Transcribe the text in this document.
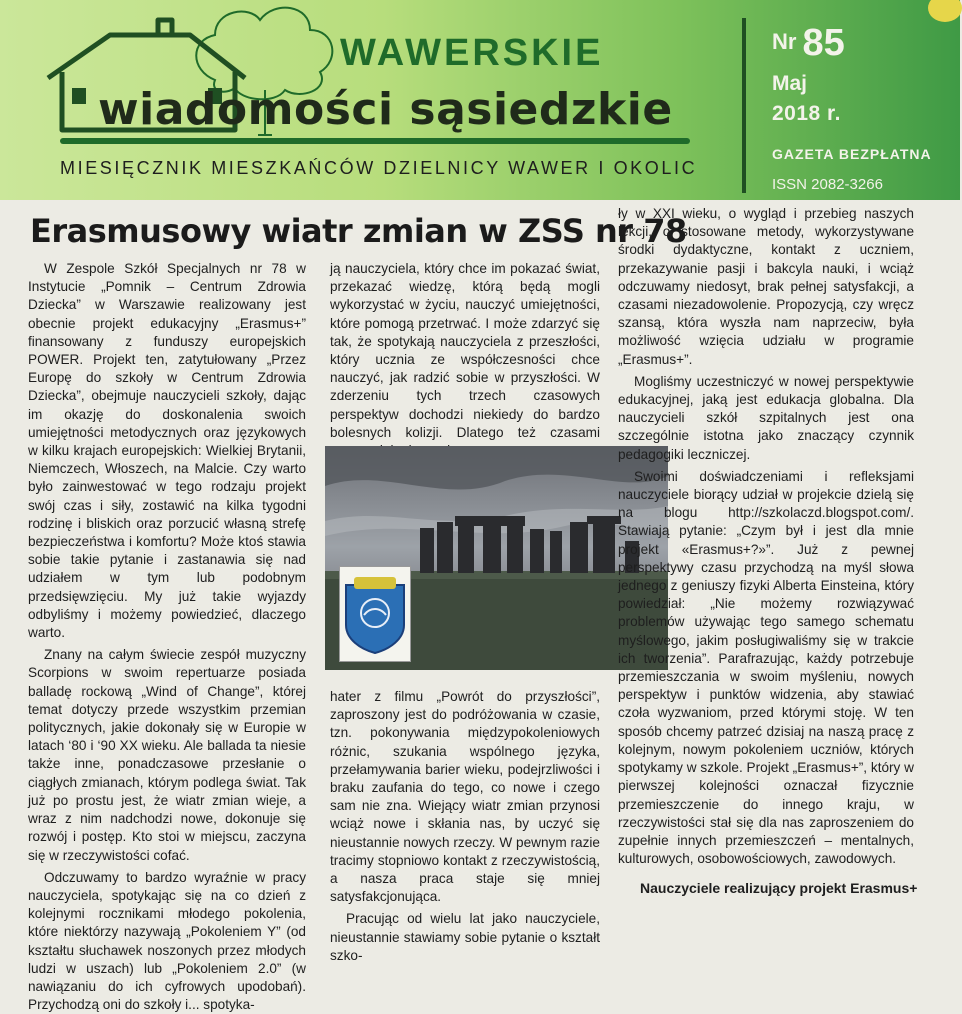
WAWERSKIE
wiadomości sąsiedzkie
MIESIĘCZNIK MIESZKAŃCÓW DZIELNICY WAWER I OKOLIC
Nr 85
Maj
2018 r.
GAZETA BEZPŁATNA
ISSN 2082-3266
Erasmusowy wiatr zmian w ZSS nr 78

W Zespole Szkół Specjalnych nr 78 w Instytucie „Pomnik – Centrum Zdrowia Dziecka” w Warszawie realizowany jest obecnie projekt edukacyjny „Erasmus+” finansowany z funduszy europejskich POWER. Projekt ten, zatytułowany „Przez Europę do szkoły w Centrum Zdrowia Dziecka”, obejmuje nauczycieli szkoły, dając im okazję do doskonalenia swoich umiejętności metodycznych oraz językowych w kilku krajach europejskich: Wielkiej Brytanii, Niemczech, Włoszech, na Malcie. Czy warto było zainwestować w tego rodzaju projekt swój czas i siły, zostawić na kilka tygodni rodzinę i bliskich oraz porzucić własną strefę bezpieczeństwa i komfortu? Może ktoś stawia sobie takie pytanie i zastanawia się nad udziałem w tym lub podobnym przedsięwzięciu. My już takie wyjazdy odbyliśmy i możemy powiedzieć, dlaczego warto.

Znany na całym świecie zespół muzyczny Scorpions w swoim repertuarze posiada balladę rockową „Wind of Change”, której temat dotyczy przede wszystkim przemian politycznych, jakie dokonały się w Europie w latach ‘80 i ‘90 XX wieku. Ale ballada ta niesie także inne, ponadczasowe przesłanie o ciągłych zmianach, którym podlega świat. Tak już po prostu jest, że wiatr zmian wieje, a wraz z nim nadchodzi nowe, dokonuje się rozwój i postęp. Kto stoi w miejscu, zaczyna się w rzeczywistości cofać.

Odczuwamy to bardzo wyraźnie w pracy nauczyciela, spotykając się na co dzień z kolejnymi rocznikami młodego pokolenia, które niektórzy nazywają „Pokoleniem Y” (od kształtu słuchawek noszonych przez młodych ludzi w uszach) lub „Pokoleniem 2.0” (w nawiązaniu do ich cyfrowych upodobań). Przychodzą oni do szkoły i... spotyka-

ją nauczyciela, który chce im pokazać świat, przekazać wiedzę, którą będą mogli wykorzystać w życiu, nauczyć umiejętności, które pomogą przetrwać. I może zdarzyć się tak, że spotykają nauczyciela z przeszłości, który ucznia ze współczesności chce nauczyć, jak radzić sobie w przyszłości. W zderzeniu tych trzech czasowych perspektyw dochodzi niekiedy do bardzo bolesnych kolizji. Dlatego też czasami

hater z filmu „Powrót do przyszłości”, zaproszony jest do podróżowania w czasie, tzn. pokonywania międzypokoleniowych różnic, szukania wspólnego języka, przełamywania barier wieku, podejrzliwości i braku zaufania do tego, co nowe i czego sam nie zna. Wiejący wiatr zmian przynosi wciąż nowe i skłania nas, by uczyć się nieustannie nowych rzeczy. W pewnym razie tracimy stopniowo kontakt z rzeczywistością, a nasza praca staje się mniej satysfakcjonująca.

Pracując od wielu lat jako nauczyciele, nieustannie stawiamy sobie pytanie o kształt szko-

ły w XXI wieku, o wygląd i przebieg naszych lekcji, o stosowane metody, wykorzystywane środki dydaktyczne, kontakt z uczniem, przekazywanie pasji i bakcyla nauki, i wciąż odczuwamy niedosyt, brak pełnej satysfakcji, a czasami niezadowolenie. Propozycją, czy wręcz szansą, która wyszła nam naprzeciw, była możliwość wzięcia udziału w programie „Erasmus+”.

Mogliśmy uczestniczyć w nowej perspektywie edukacyjnej, jaką jest edukacja globalna. Dla nauczycieli szkół szpitalnych jest ona szczególnie istotna jako znaczący czynnik pedagogiki leczniczej.

Swoimi doświadczeniami i refleksjami nauczyciele biorący udział w projekcie dzielą się na blogu http://szkolaczd.blogspot.com/. Stawiają pytanie: „Czym był i jest dla mnie projekt «Erasmus+?»”. Już z pewnej perspektywy czasu przychodzą na myśl słowa jednego z geniuszy fizyki Alberta Einsteina, który powiedział: „Nie możemy rozwiązywać problemów używając tego samego schematu myślowego, jakim posługiwaliśmy się w trakcie ich tworzenia”. Parafrazując, każdy potrzebuje przemieszczania w swoim myśleniu, nowych perspektyw i punktów widzenia, aby stawiać czoła wyzwaniom, przed którymi stoję. W ten sposób chcemy patrzeć dzisiaj na naszą pracę z kolejnym, nowym pokoleniem uczniów, których spotykamy w szkole. Projekt „Erasmus+”, który w pierwszej kolejności oznaczał fizycznie przemieszczenie do innego kraju, w rzeczywistości stał się dla nas zaproszeniem do zupełnie innych przemieszczeń – mentalnych, kulturowych, osobowościowych, zawodowych.

Nauczyciele realizujący projekt Erasmus+
